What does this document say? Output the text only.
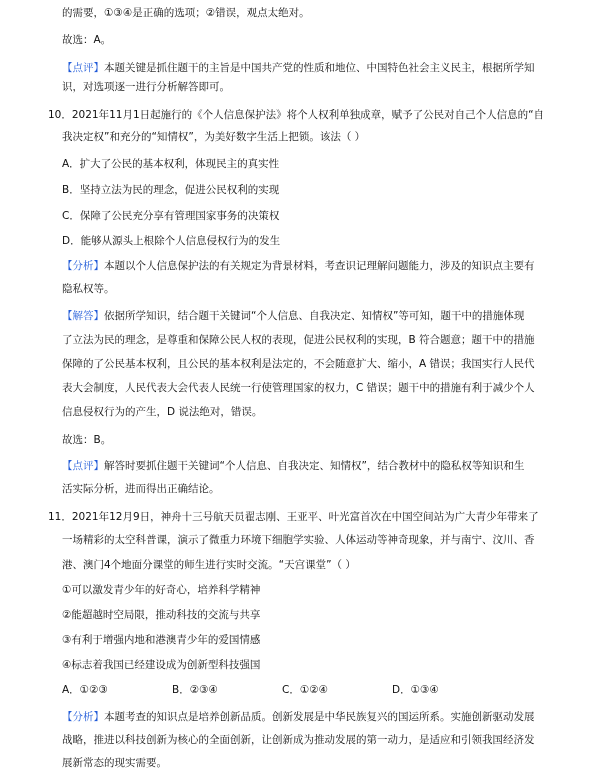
的需要，①③④是正确的选项；②错误，观点太绝对。
故选：A。
【点评】本题关键是抓住题干的主旨是中国共产党的性质和地位、中国特色社会主义民主，根据所学知
识，对选项逐一进行分析解答即可。
10．2021年11月1日起施行的《个人信息保护法》将个人权利单独成章，赋予了公民对自己个人信息的“自
我决定权”和充分的“知情权”，为美好数字生活上把锁。该法（ ）
A．扩大了公民的基本权利，体现民主的真实性
B．坚持立法为民的理念，促进公民权利的实现
C．保障了公民充分享有管理国家事务的决策权
D．能够从源头上根除个人信息侵权行为的发生
【分析】本题以个人信息保护法的有关规定为背景材料，考查识记理解问题能力，涉及的知识点主要有
隐私权等。
【解答】依据所学知识，结合题干关键词“个人信息、自我决定、知情权”等可知，题干中的措施体现
了立法为民的理念，是尊重和保障公民人权的表现，促进公民权利的实现，B 符合题意；题干中的措施
保障的了公民基本权利，且公民的基本权利是法定的，不会随意扩大、缩小，A 错误；我国实行人民代
表大会制度，人民代表大会代表人民统一行使管理国家的权力，C 错误；题干中的措施有利于减少个人
信息侵权行为的产生，D 说法绝对，错误。
故选：B。
【点评】解答时要抓住题干关键词“个人信息、自我决定、知情权”，结合教材中的隐私权等知识和生
活实际分析，进而得出正确结论。
11．2021年12月9日，神舟十三号航天员翟志刚、王亚平、叶光富首次在中国空间站为广大青少年带来了
一场精彩的太空科普课，演示了微重力环境下细胞学实验、人体运动等神奇现象，并与南宁、汶川、香
港、澳门4个地面分课堂的师生进行实时交流。“天宫课堂”（ ）
①可以激发青少年的好奇心，培养科学精神
②能超越时空局限，推动科技的交流与共享
③有利于增强内地和港澳青少年的爱国情感
④标志着我国已经建设成为创新型科技强国
A．①②③	B．②③④	C．①②④	D．①③④
【分析】本题考查的知识点是培养创新品质。创新发展是中华民族复兴的国运所系。实施创新驱动发展
战略，推进以科技创新为核心的全面创新，让创新成为推动发展的第一动力，是适应和引领我国经济发
展新常态的现实需要。
